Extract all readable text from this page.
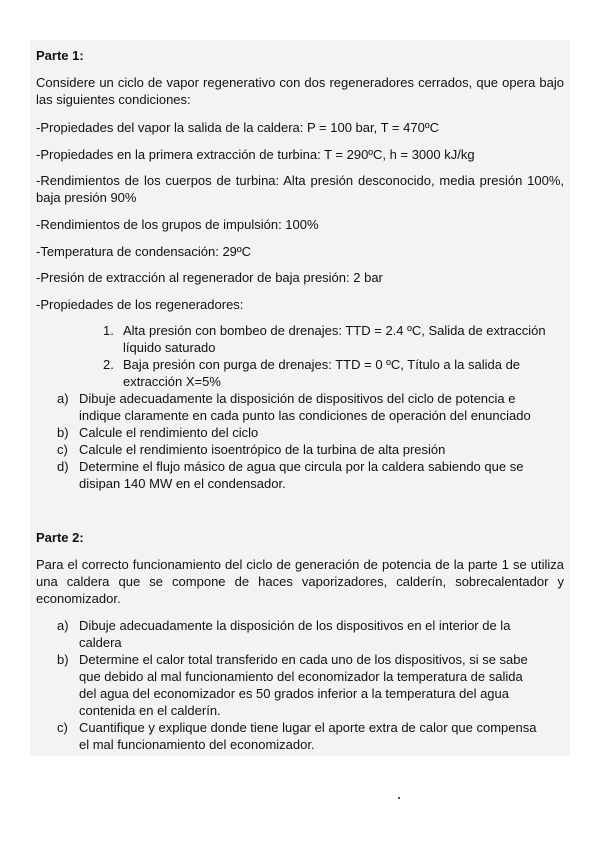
Parte 1:
Considere un ciclo de vapor regenerativo con dos regeneradores cerrados, que opera bajo las siguientes condiciones:
-Propiedades del vapor la salida de la caldera: P = 100 bar, T = 470ºC
-Propiedades en la primera extracción de turbina: T = 290ºC, h = 3000 kJ/kg
-Rendimientos de los cuerpos de turbina: Alta presión desconocido, media presión 100%, baja presión 90%
-Rendimientos de los grupos de impulsión: 100%
-Temperatura de condensación: 29ºC
-Presión de extracción al regenerador de baja presión: 2 bar
-Propiedades de los regeneradores:
1. Alta presión con bombeo de drenajes: TTD = 2.4 ºC, Salida de extracción
líquido saturado
2. Baja presión con purga de drenajes: TTD = 0 ºC, Título a la salida de
extracción X=5%
a) Dibuje adecuadamente la disposición de dispositivos del ciclo de potencia e
indique claramente en cada punto las condiciones de operación del enunciado
b) Calcule el rendimiento del ciclo
c) Calcule el rendimiento isoentrópico de la turbina de alta presión
d) Determine el flujo másico de agua que circula por la caldera sabiendo que se
disipan 140 MW en el condensador.
Parte 2:
Para el correcto funcionamiento del ciclo de generación de potencia de la parte 1 se utiliza una caldera que se compone de haces vaporizadores, calderín, sobrecalentador y economizador.
a) Dibuje adecuadamente la disposición de los dispositivos en el interior de la
caldera
b) Determine el calor total transferido en cada uno de los dispositivos, si se sabe
que debido al mal funcionamiento del economizador la temperatura de salida
del agua del economizador es 50 grados inferior a la temperatura del agua
contenida en el calderín.
c) Cuantifique y explique donde tiene lugar el aporte extra de calor que compensa
el mal funcionamiento del economizador.
